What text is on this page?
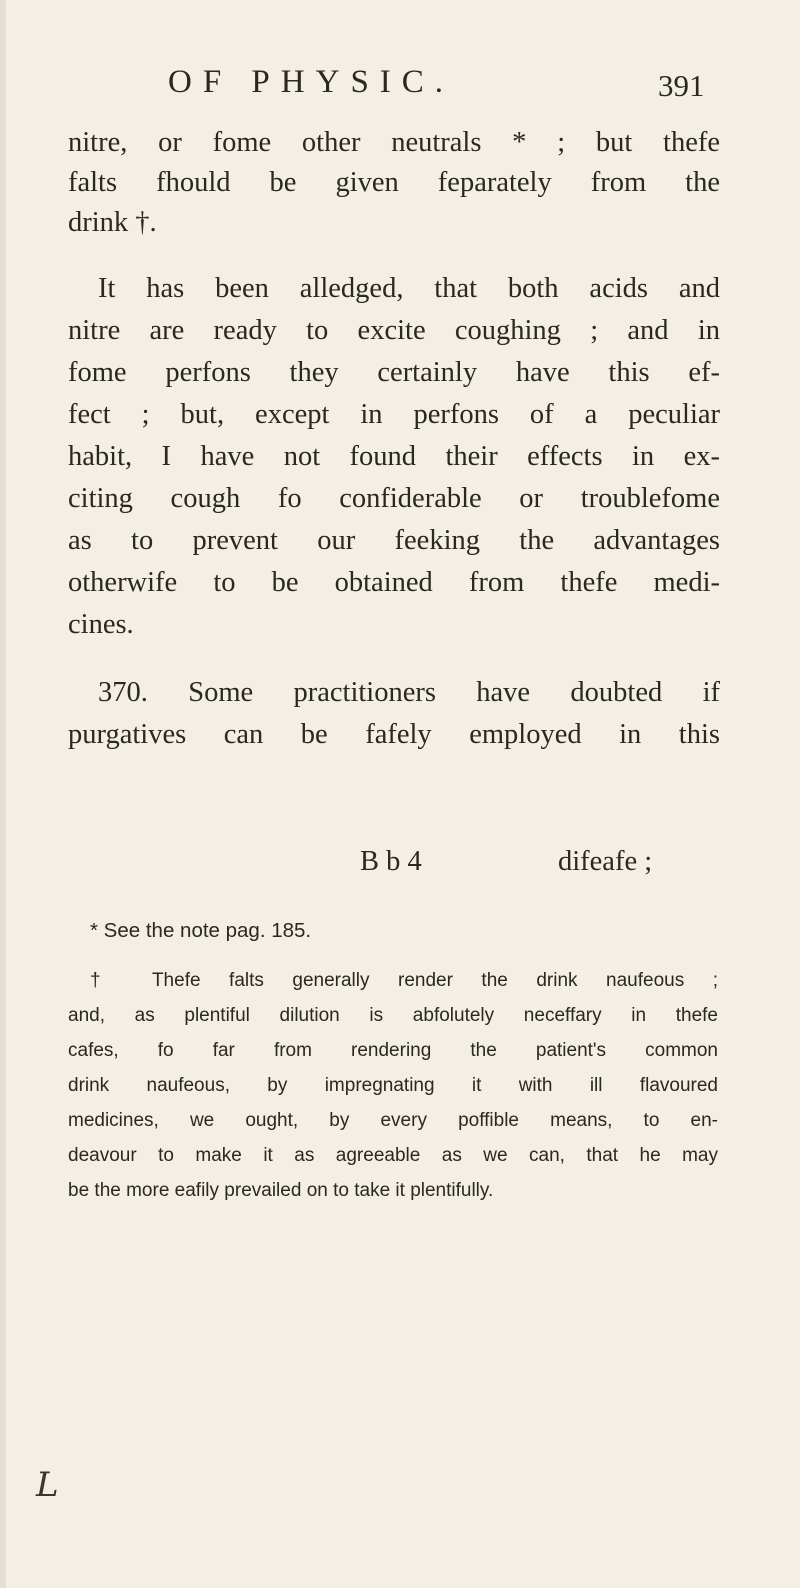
OF PHYSIC.	391
nitre, or fome other neutrals * ; but thefe
falts fhould be given feparately from the
drink †.
It has been alledged, that both acids and
nitre are ready to excite coughing ; and in
fome perfons they certainly have this ef-
fect ; but, except in perfons of a peculiar
habit, I have not found their effects in ex-
citing cough fo confiderable or troublefome
as to prevent our feeking the advantages
otherwife to be obtained from thefe medi-
cines.
370. Some practitioners have doubted if
purgatives can be fafely employed in this
B b 4	difeafe ;
* See the note pag. 185.
† Thefe falts generally render the drink naufeous ;
and, as plentiful dilution is abfolutely neceffary in thefe
cafes, fo far from rendering the patient's common
drink naufeous, by impregnating it with ill flavoured
medicines, we ought, by every poffible means, to en-
deavour to make it as agreeable as we can, that he may
be the more eafily prevailed on to take it plentifully.
L
